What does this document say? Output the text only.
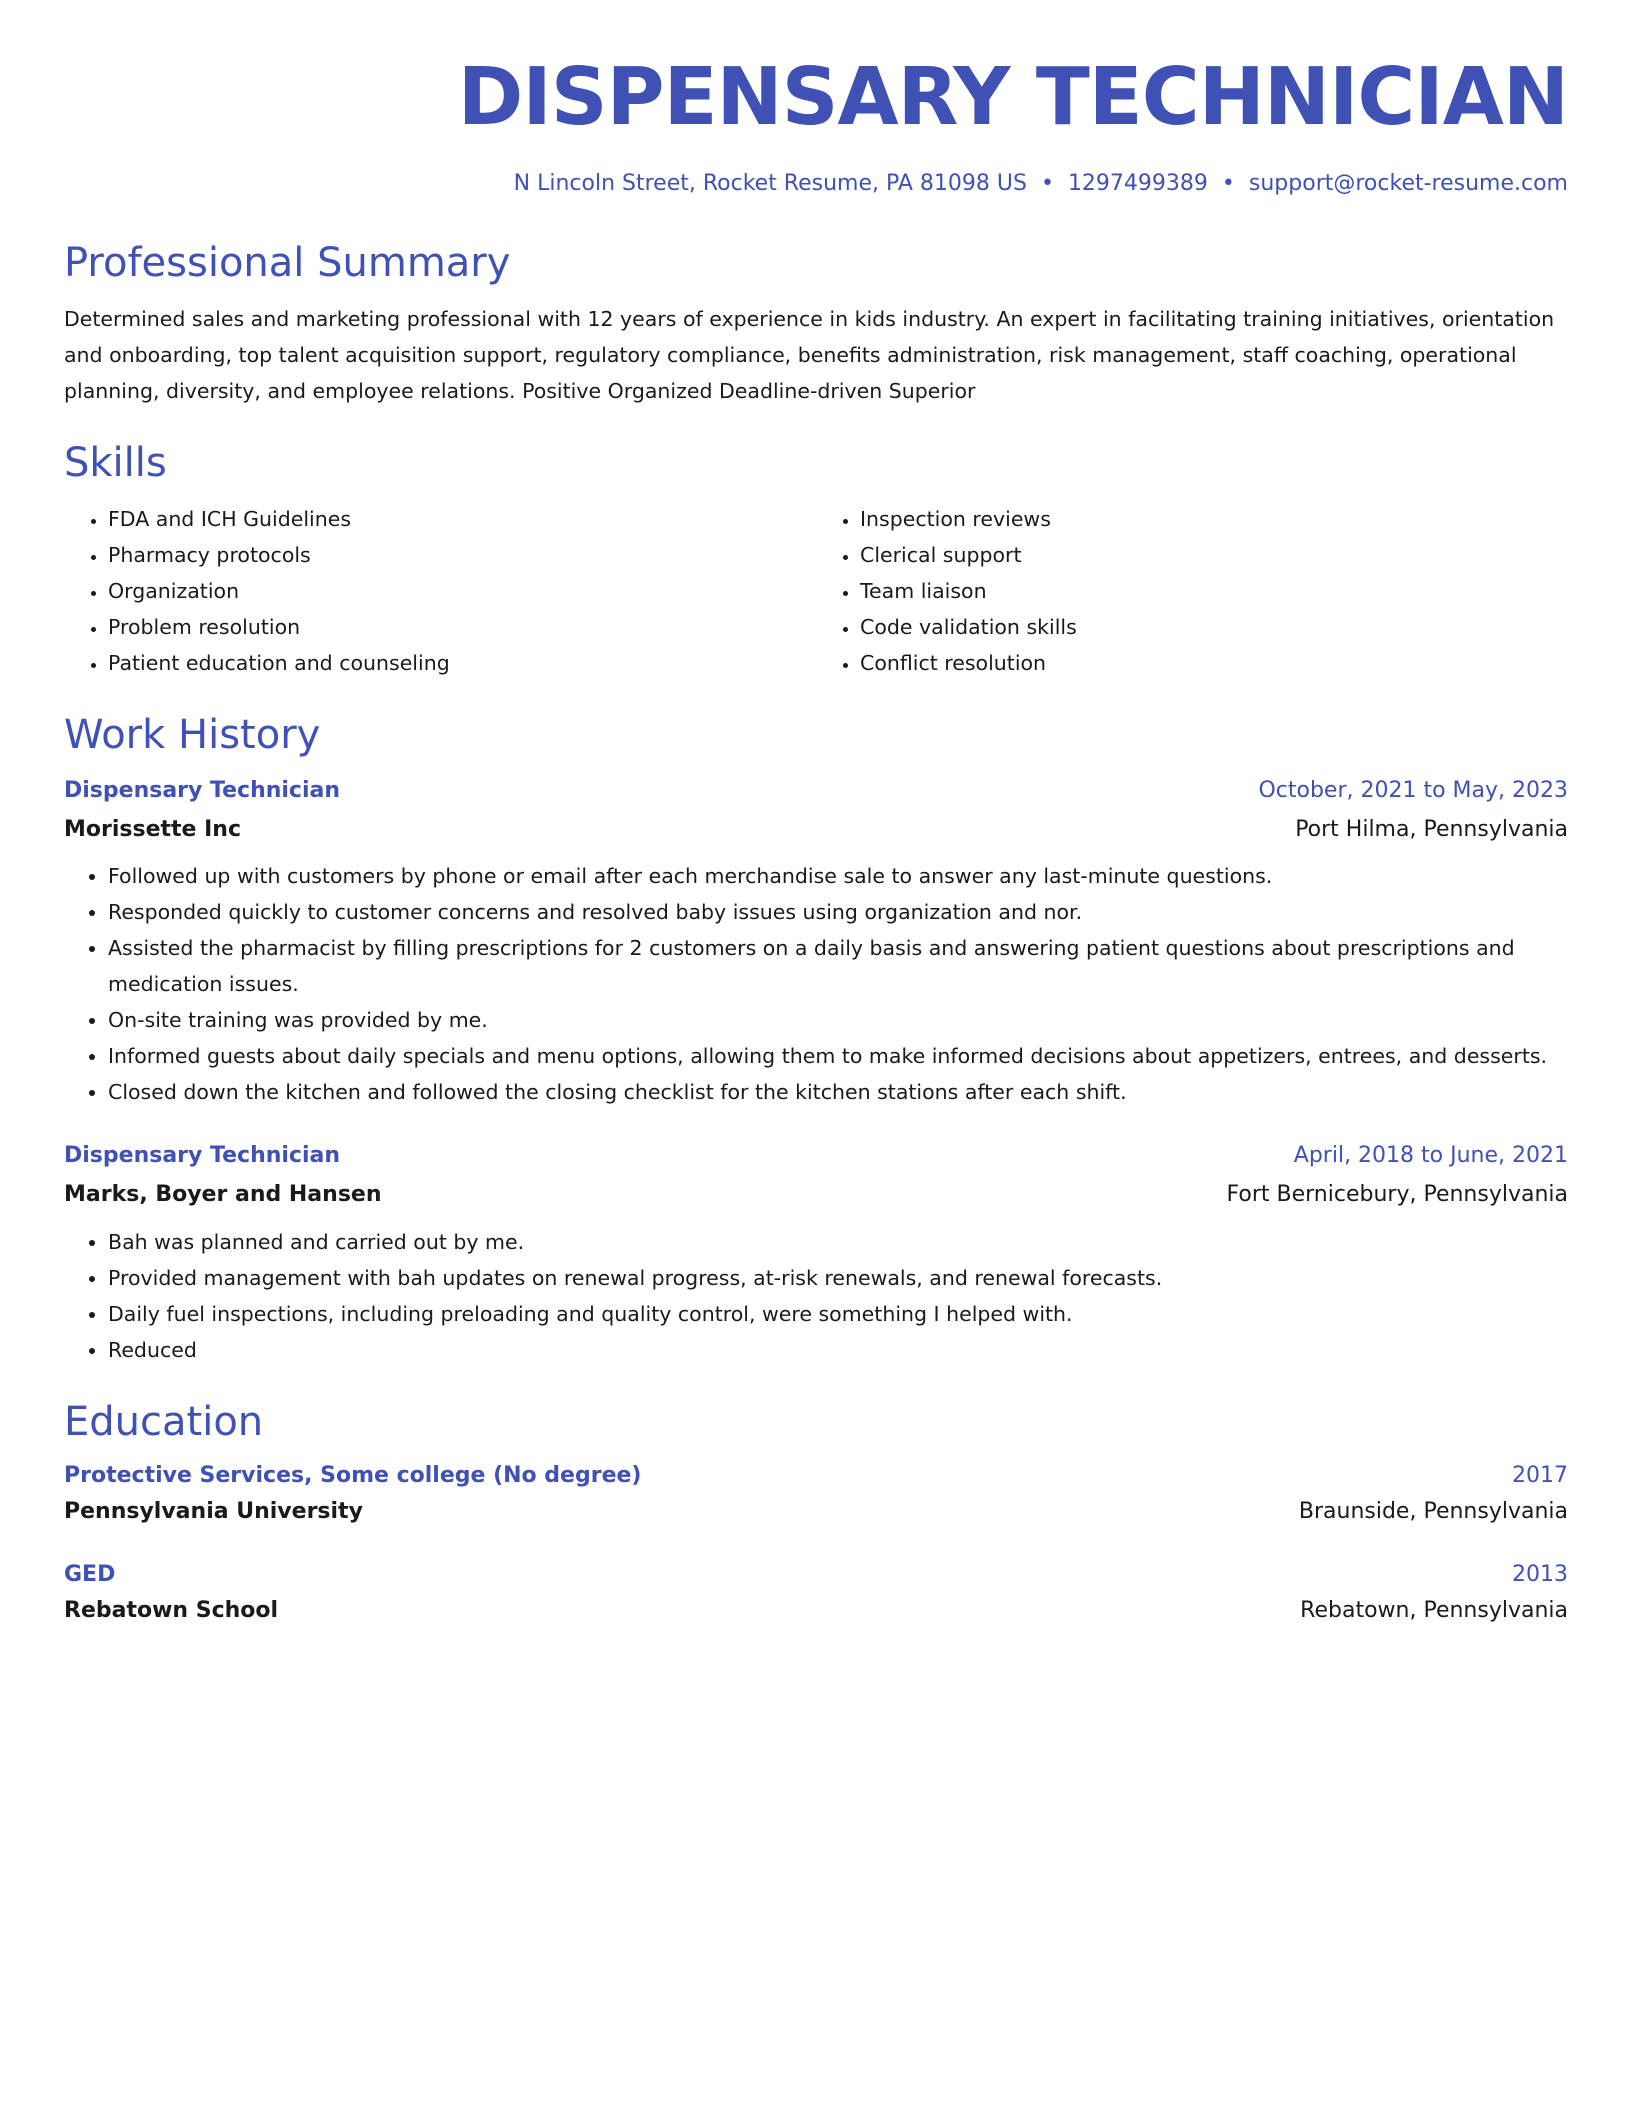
DISPENSARY TECHNICIAN
N Lincoln Street, Rocket Resume, PA 81098 US • 1297499389 • support@rocket-resume.com
Professional Summary
Determined sales and marketing professional with 12 years of experience in kids industry. An expert in facilitating training initiatives, orientation and onboarding, top talent acquisition support, regulatory compliance, benefits administration, risk management, staff coaching, operational planning, diversity, and employee relations. Positive Organized Deadline-driven Superior
Skills
• FDA and ICH Guidelines
• Pharmacy protocols
• Organization
• Problem resolution
• Patient education and counseling
• Inspection reviews
• Clerical support
• Team liaison
• Code validation skills
• Conflict resolution
Work History
Dispensary Technician	October, 2021 to May, 2023
Morissette Inc	Port Hilma, Pennsylvania
• Followed up with customers by phone or email after each merchandise sale to answer any last-minute questions.
• Responded quickly to customer concerns and resolved baby issues using organization and nor.
• Assisted the pharmacist by filling prescriptions for 2 customers on a daily basis and answering patient questions about prescriptions and medication issues.
• On-site training was provided by me.
• Informed guests about daily specials and menu options, allowing them to make informed decisions about appetizers, entrees, and desserts.
• Closed down the kitchen and followed the closing checklist for the kitchen stations after each shift.
Dispensary Technician	April, 2018 to June, 2021
Marks, Boyer and Hansen	Fort Bernicebury, Pennsylvania
• Bah was planned and carried out by me.
• Provided management with bah updates on renewal progress, at-risk renewals, and renewal forecasts.
• Daily fuel inspections, including preloading and quality control, were something I helped with.
• Reduced
Education
Protective Services, Some college (No degree)	2017
Pennsylvania University	Braunside, Pennsylvania
GED	2013
Rebatown School	Rebatown, Pennsylvania
